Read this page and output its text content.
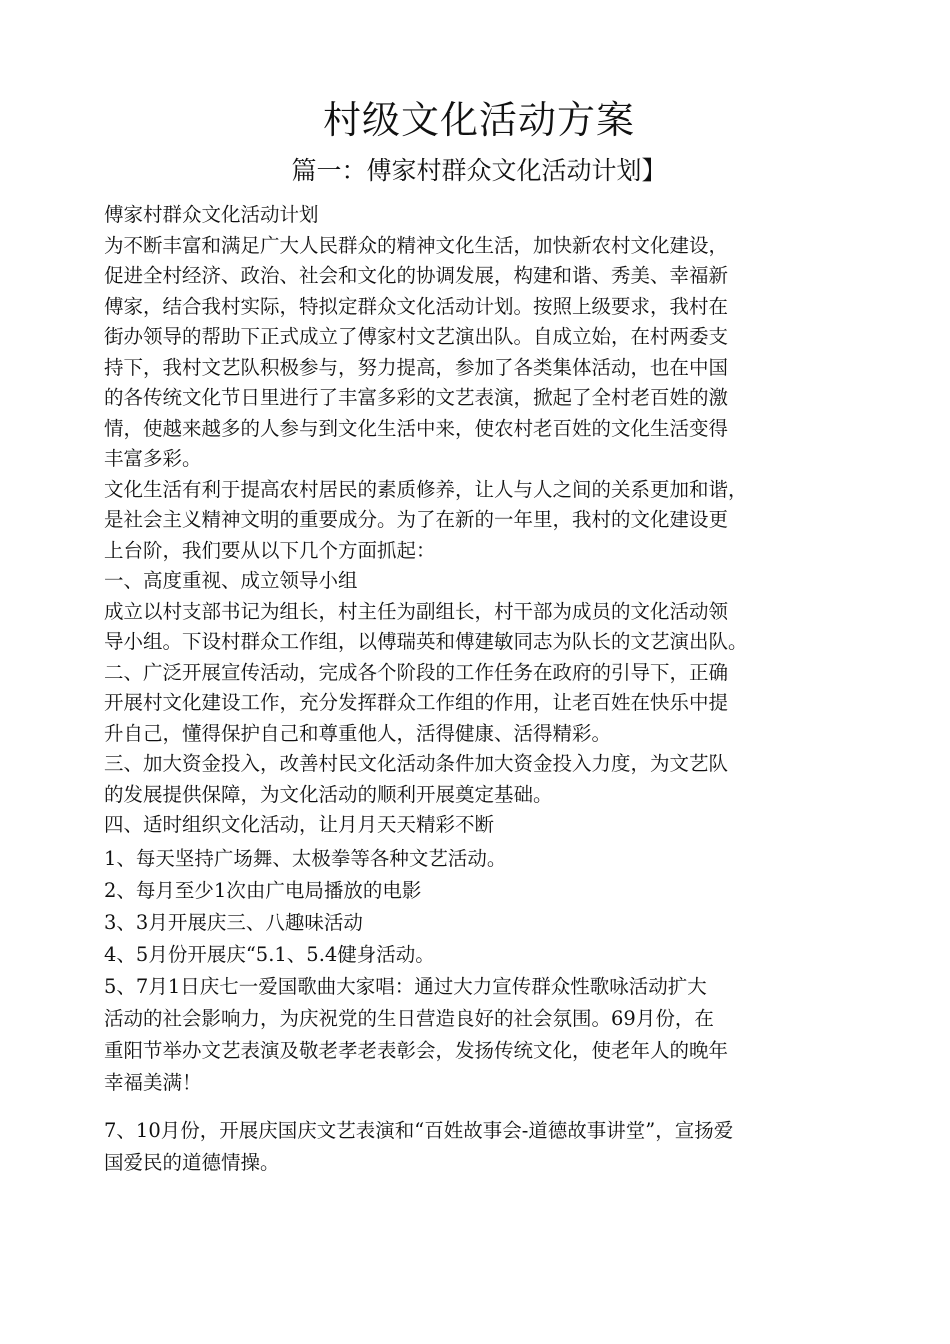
村级文化活动方案
篇一：傅家村群众文化活动计划】
傅家村群众文化活动计划
为不断丰富和满足广大人民群众的精神文化生活，加快新农村文化建设，
促进全村经济、政治、社会和文化的协调发展，构建和谐、秀美、幸福新
傅家，结合我村实际，特拟定群众文化活动计划。按照上级要求，我村在
街办领导的帮助下正式成立了傅家村文艺演出队。自成立始，在村两委支
持下，我村文艺队积极参与，努力提高，参加了各类集体活动，也在中国
的各传统文化节日里进行了丰富多彩的文艺表演，掀起了全村老百姓的激
情，使越来越多的人参与到文化生活中来，使农村老百姓的文化生活变得
丰富多彩。
文化生活有利于提高农村居民的素质修养，让人与人之间的关系更加和谐，
是社会主义精神文明的重要成分。为了在新的一年里，我村的文化建设更
上台阶，我们要从以下几个方面抓起：
一、高度重视、成立领导小组
成立以村支部书记为组长，村主任为副组长，村干部为成员的文化活动领
导小组。下设村群众工作组，以傅瑞英和傅建敏同志为队长的文艺演出队。
二、广泛开展宣传活动，完成各个阶段的工作任务在政府的引导下，正确
开展村文化建设工作，充分发挥群众工作组的作用，让老百姓在快乐中提
升自己，懂得保护自己和尊重他人，活得健康、活得精彩。
三、加大资金投入，改善村民文化活动条件加大资金投入力度，为文艺队
的发展提供保障，为文化活动的顺利开展奠定基础。
四、适时组织文化活动，让月月天天精彩不断
1、每天坚持广场舞、太极拳等各种文艺活动。
2、每月至少1次由广电局播放的电影
3、3月开展庆三、八趣味活动
4、5月份开展庆“5.1、5.4健身活动。
5、7月1日庆七一爱国歌曲大家唱：通过大力宣传群众性歌咏活动扩大
活动的社会影响力，为庆祝党的生日营造良好的社会氛围。69月份，在
重阳节举办文艺表演及敬老孝老表彰会，发扬传统文化，使老年人的晚年
幸福美满！
7、10月份，开展庆国庆文艺表演和“百姓故事会-道德故事讲堂”，宣扬爱
国爱民的道德情操。
